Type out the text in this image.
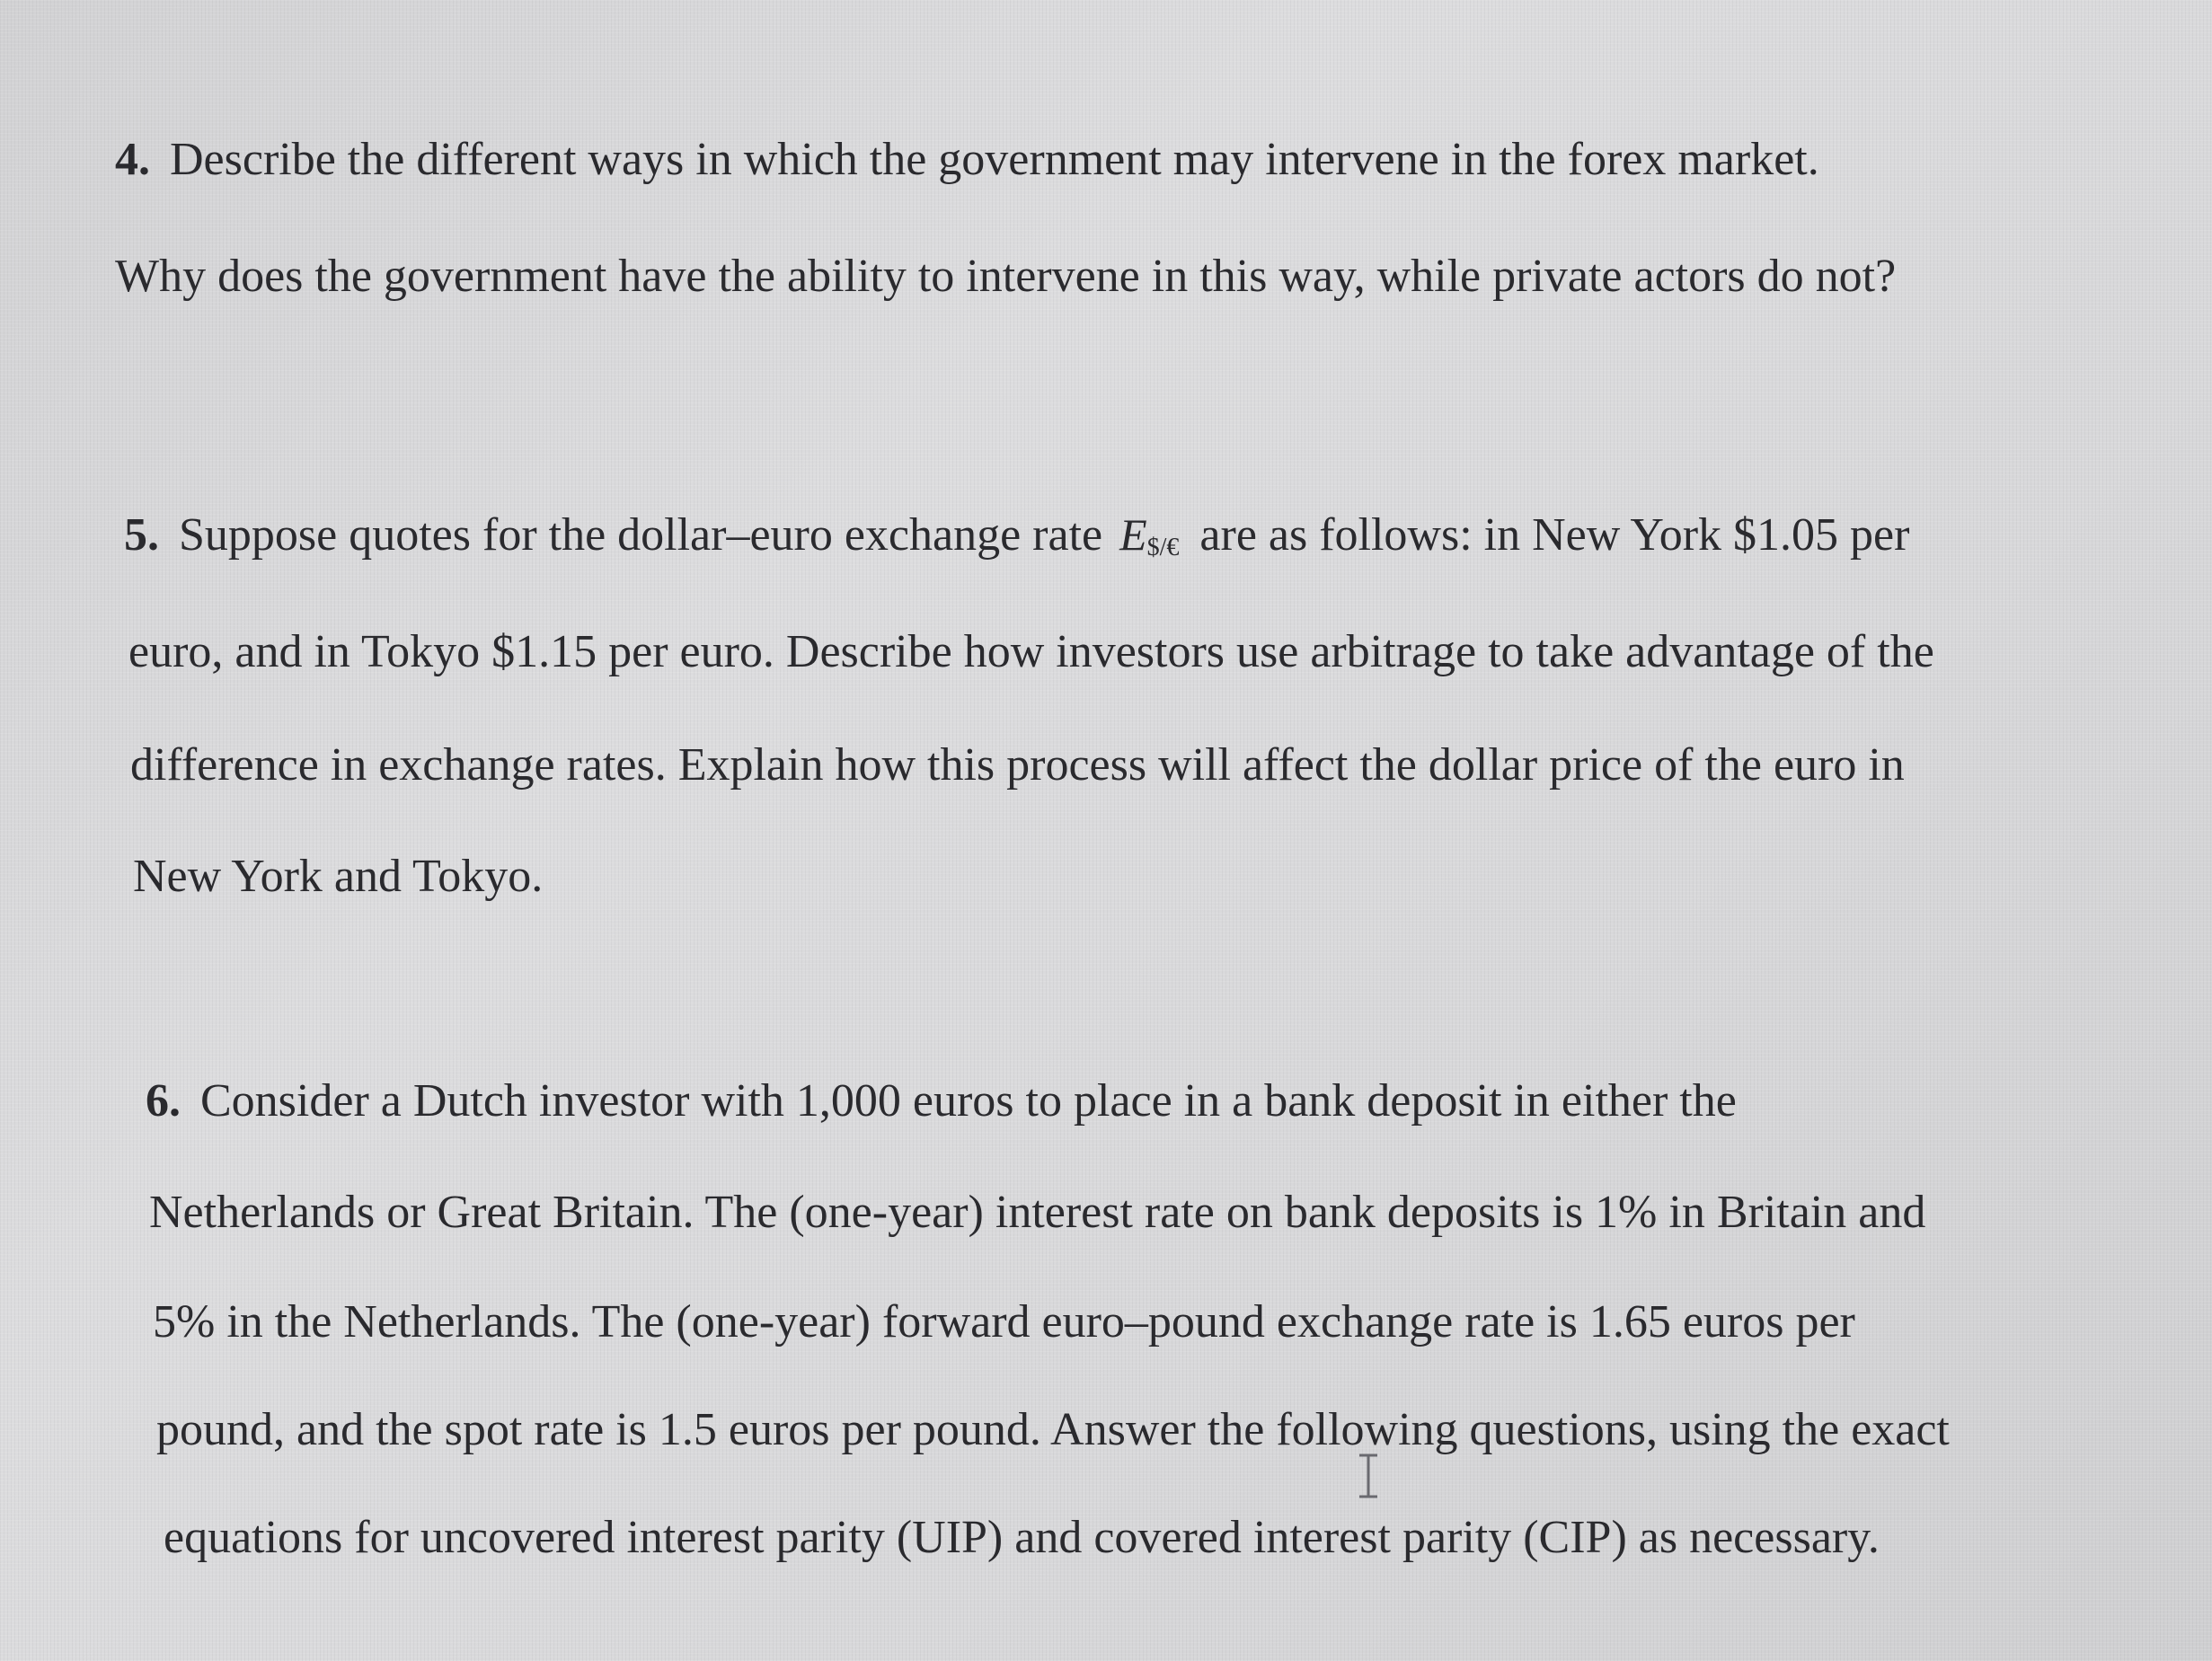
4. Describe the different ways in which the government may intervene in the forex market.

Why does the government have the ability to intervene in this way, while private actors do not?

5. Suppose quotes for the dollar–euro exchange rate $E_{\$/€}$ are as follows: in New York $1.05 per

euro, and in Tokyo $1.15 per euro. Describe how investors use arbitrage to take advantage of the

difference in exchange rates. Explain how this process will affect the dollar price of the euro in

New York and Tokyo.

6. Consider a Dutch investor with 1,000 euros to place in a bank deposit in either the

Netherlands or Great Britain. The (one-year) interest rate on bank deposits is 1% in Britain and

5% in the Netherlands. The (one-year) forward euro–pound exchange rate is 1.65 euros per

pound, and the spot rate is 1.5 euros per pound. Answer the following questions, using the exact

equations for uncovered interest parity (UIP) and covered interest parity (CIP) as necessary.
